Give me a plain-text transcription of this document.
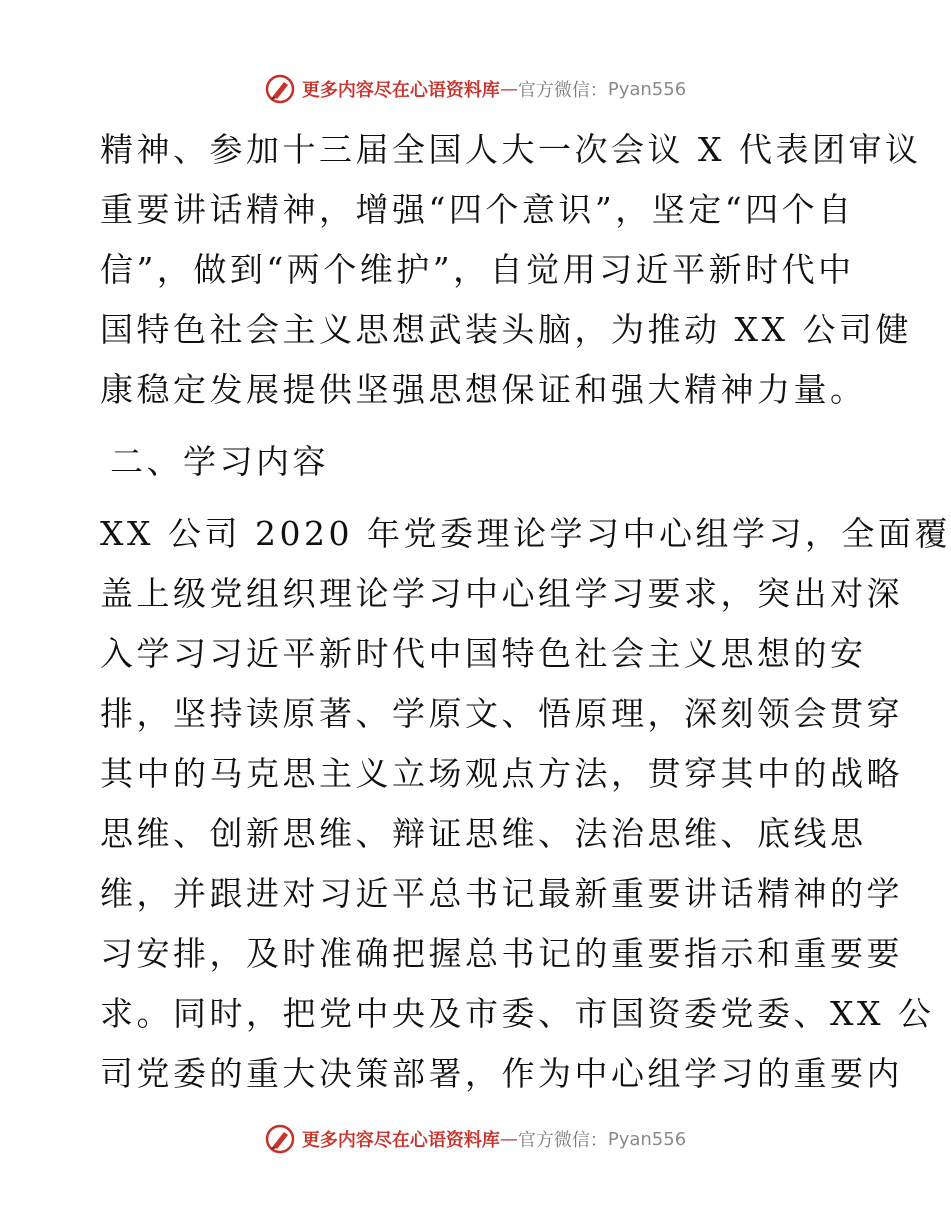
更多内容尽在心语资料库 — 官方微信： Pyan556
精神、参加十三届全国人大一次会议 X 代表团审议
重要讲话精神，增强“四个意识”，坚定“四个自
信”，做到“两个维护”，自觉用习近平新时代中
国特色社会主义思想武装头脑，为推动 XX 公司健
康稳定发展提供坚强思想保证和强大精神力量。
二、学习内容
XX 公司 2020 年党委理论学习中心组学习，全面覆
盖上级党组织理论学习中心组学习要求，突出对深
入学习习近平新时代中国特色社会主义思想的安
排，坚持读原著、学原文、悟原理，深刻领会贯穿
其中的马克思主义立场观点方法，贯穿其中的战略
思维、创新思维、辩证思维、法治思维、底线思
维，并跟进对习近平总书记最新重要讲话精神的学
习安排，及时准确把握总书记的重要指示和重要要
求。同时，把党中央及市委、市国资委党委、XX 公
司党委的重大决策部署，作为中心组学习的重要内
更多内容尽在心语资料库 — 官方微信： Pyan556
